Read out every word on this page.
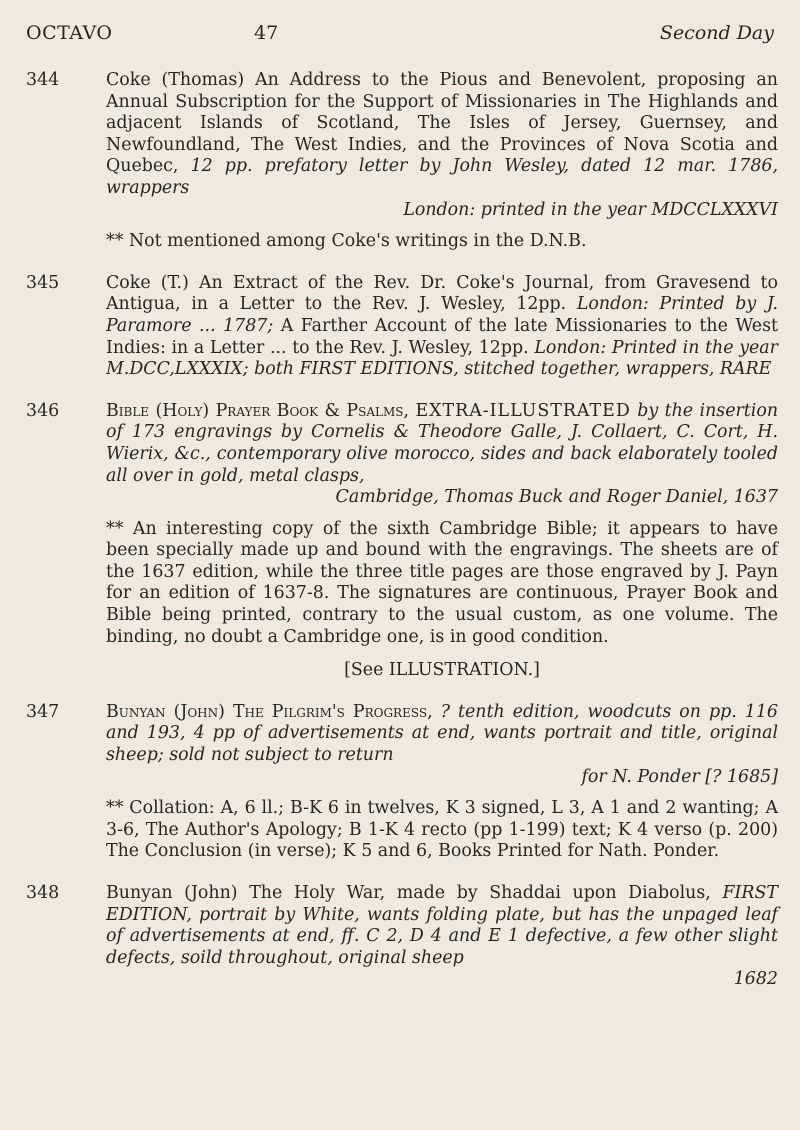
OCTAVO	47	Second Day
344	Coke (Thomas) An Address to the Pious and Benevolent, proposing an Annual Subscription for the Support of Missionaries in The Highlands and adjacent Islands of Scotland, The Isles of Jersey, Guernsey, and Newfoundland, The West Indies, and the Provinces of Nova Scotia and Quebec, 12 pp. prefatory letter by John Wesley, dated 12 mar. 1786, wrappers
London: printed in the year MDCCLXXXVI
** Not mentioned among Coke's writings in the D.N.B.
345	Coke (T.) An Extract of the Rev. Dr. Coke's Journal, from Gravesend to Antigua, in a Letter to the Rev. J. Wesley, 12pp. London: Printed by J. Paramore ... 1787; A Farther Account of the late Missionaries to the West Indies: in a Letter ... to the Rev. J. Wesley, 12pp. London: Printed in the year M.DCC,LXXXIX; both FIRST EDITIONS, stitched together, wrappers, RARE
346	Bible (Holy) Prayer Book & Psalms, EXTRA-ILLUSTRATED by the insertion of 173 engravings by Cornelis & Theodore Galle, J. Collaert, C. Cort, H. Wierix, &c., contemporary olive morocco, sides and back elaborately tooled all over in gold, metal clasps,
Cambridge, Thomas Buck and Roger Daniel, 1637
** An interesting copy of the sixth Cambridge Bible; it appears to have been specially made up and bound with the engravings. The sheets are of the 1637 edition, while the three title pages are those engraved by J. Payn for an edition of 1637-8. The signatures are continuous, Prayer Book and Bible being printed, contrary to the usual custom, as one volume. The binding, no doubt a Cambridge one, is in good condition.
[See ILLUSTRATION.]
347	Bunyan (John) The Pilgrim's Progress, ? tenth edition, woodcuts on pp. 116 and 193, 4 pp of advertisements at end, wants portrait and title, original sheep; sold not subject to return
for N. Ponder [? 1685]
** Collation: A, 6 ll.; B-K 6 in twelves, K 3 signed, L 3, A 1 and 2 wanting; A 3-6, The Author's Apology; B 1-K 4 recto (pp 1-199) text; K 4 verso (p. 200) The Conclusion (in verse); K 5 and 6, Books Printed for Nath. Ponder.
348	Bunyan (John) The Holy War, made by Shaddai upon Diabolus, FIRST EDITION, portrait by White, wants folding plate, but has the unpaged leaf of advertisements at end, ff. C 2, D 4 and E 1 defective, a few other slight defects, soild throughout, original sheep
1682
